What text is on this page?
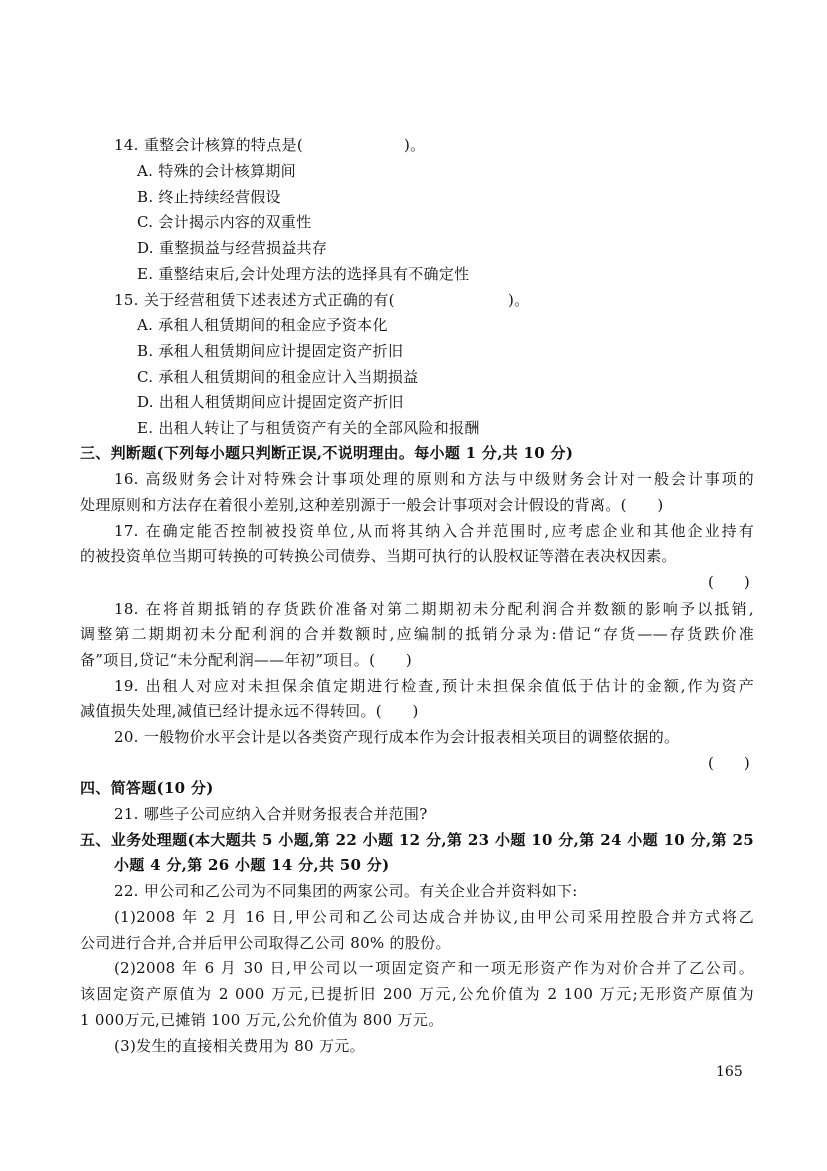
14. 重整会计核算的特点是(	)。
A. 特殊的会计核算期间
B. 终止持续经营假设
C. 会计揭示内容的双重性
D. 重整损益与经营损益共存
E. 重整结束后,会计处理方法的选择具有不确定性
15. 关于经营租赁下述表述方式正确的有(	)。
A. 承租人租赁期间的租金应予资本化
B. 承租人租赁期间应计提固定资产折旧
C. 承租人租赁期间的租金应计入当期损益
D. 出租人租赁期间应计提固定资产折旧
E. 出租人转让了与租赁资产有关的全部风险和报酬
三、判断题(下列每小题只判断正误,不说明理由。每小题 1 分,共 10 分)
16. 高级财务会计对特殊会计事项处理的原则和方法与中级财务会计对一般会计事项的
处理原则和方法存在着很小差别,这种差别源于一般会计事项对会计假设的背离。(　　)
17. 在确定能否控制被投资单位,从而将其纳入合并范围时,应考虑企业和其他企业持有
的被投资单位当期可转换的可转换公司债券、当期可执行的认股权证等潜在表决权因素。
(　　)
18. 在将首期抵销的存货跌价准备对第二期期初未分配利润合并数额的影响予以抵销,
调整第二期期初未分配利润的合并数额时,应编制的抵销分录为:借记“存货——存货跌价准
备”项目,贷记“未分配利润——年初”项目。(　　)
19. 出租人对应对未担保余值定期进行检查,预计未担保余值低于估计的金额,作为资产
减值损失处理,减值已经计提永远不得转回。(　　)
20. 一般物价水平会计是以各类资产现行成本作为会计报表相关项目的调整依据的。
(　　)
四、简答题(10 分)
21. 哪些子公司应纳入合并财务报表合并范围?
五、业务处理题(本大题共 5 小题,第 22 小题 12 分,第 23 小题 10 分,第 24 小题 10 分,第 25
小题 4 分,第 26 小题 14 分,共 50 分)
22. 甲公司和乙公司为不同集团的两家公司。有关企业合并资料如下:
(1)2008 年 2 月 16 日,甲公司和乙公司达成合并协议,由甲公司采用控股合并方式将乙
公司进行合并,合并后甲公司取得乙公司 80% 的股份。
(2)2008 年 6 月 30 日,甲公司以一项固定资产和一项无形资产作为对价合并了乙公司。
该固定资产原值为 2 000 万元,已提折旧 200 万元,公允价值为 2 100 万元;无形资产原值为
1 000万元,已摊销 100 万元,公允价值为 800 万元。
(3)发生的直接相关费用为 80 万元。
165
